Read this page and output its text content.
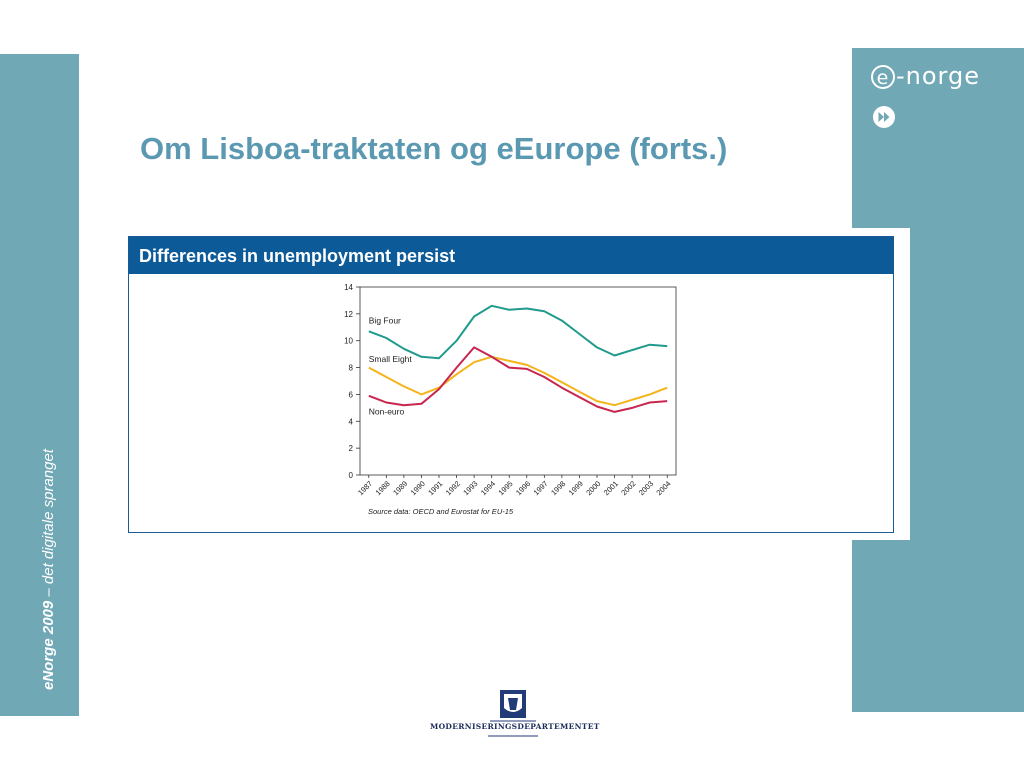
eNorge 2009 – det digitale spranget
e -norge
Om Lisboa-traktaten og eEurope (forts.)
Differences in unemployment persist
0
2
4
6
8
10
12
14
1987 1988 1989 1990 1991 1992 1993 1994 1995 1996 1997 1998 1999 2000 2001 2002 2003 2004
Big Four
Small Eight
Non-euro
Source data: OECD and Eurostat for EU-15
MODERNISERINGSDEPARTEMENTET
